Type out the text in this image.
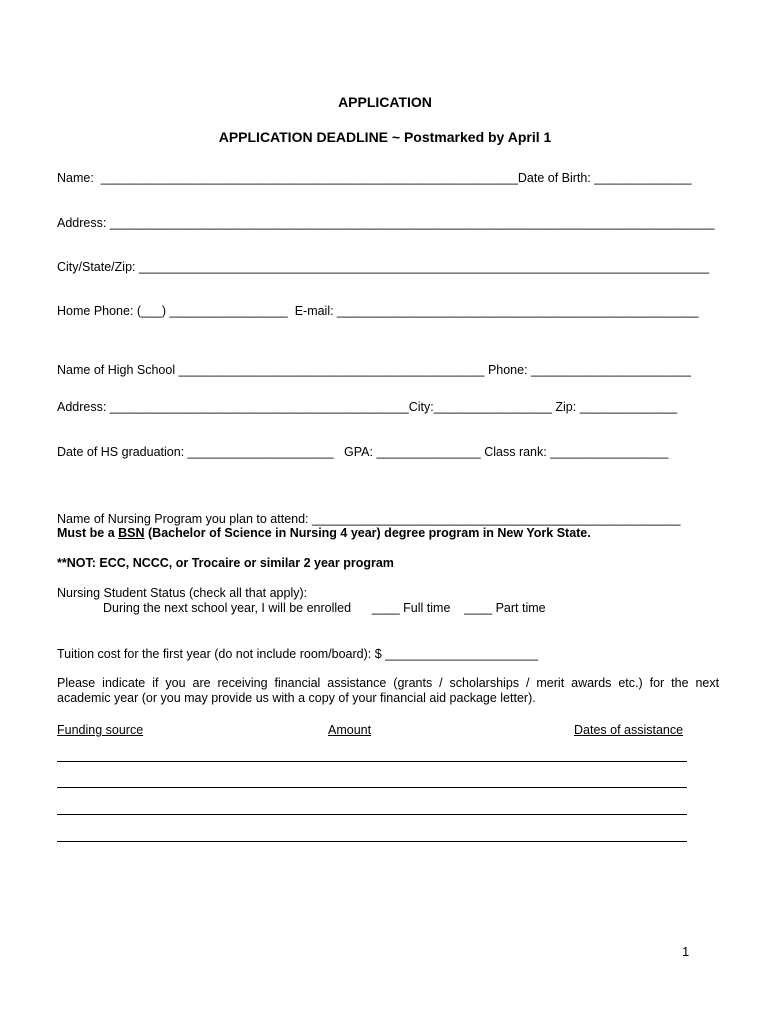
APPLICATION
APPLICATION DEADLINE ~ Postmarked by April 1
Name:  ____________________________________________________________Date of Birth: ______________
Address: _______________________________________________________________________________________
City/State/Zip: __________________________________________________________________________________
Home Phone: (___) _________________  E-mail: ____________________________________________________
Name of High School ____________________________________________ Phone: _______________________
Address: ___________________________________________City:_________________ Zip: ______________
Date of HS graduation: _____________________   GPA: _______________ Class rank: _________________
Name of Nursing Program you plan to attend: _____________________________________________________
Must be a BSN (Bachelor of Science in Nursing 4 year) degree program in New York State.
**NOT: ECC, NCCC, or Trocaire or similar 2 year program
Nursing Student Status (check all that apply):
During the next school year, I will be enrolled      ____ Full time    ____ Part time
Tuition cost for the first year (do not include room/board): $ ______________________
Please  indicate  if  you  are  receiving  financial  assistance  (grants  /  scholarships  /  merit  awards  etc.)  for  the  next
academic year (or you may provide us with a copy of your financial aid package letter).
Funding source	Amount	Dates of assistance
1
